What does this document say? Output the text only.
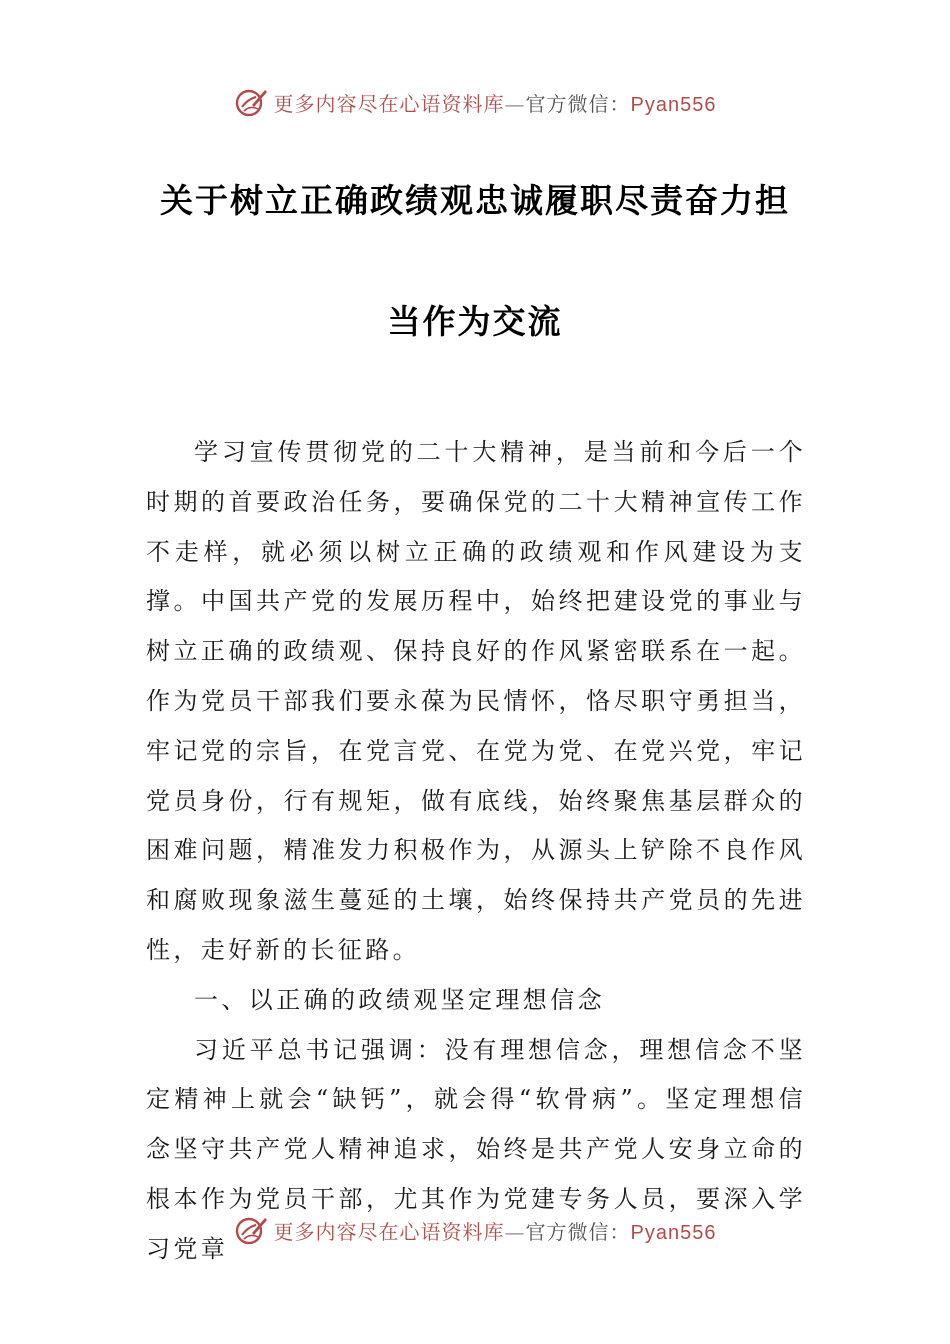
更多内容尽在心语资料库—官方微信：Pyan556
关于树立正确政绩观忠诚履职尽责奋力担
当作为交流

学习宣传贯彻党的二十大精神，是当前和今后一个时期的首要政治任务，要确保党的二十大精神宣传工作不走样，就必须以树立正确的政绩观和作风建设为支撑。中国共产党的发展历程中，始终把建设党的事业与树立正确的政绩观、保持良好的作风紧密联系在一起。作为党员干部我们要永葆为民情怀，恪尽职守勇担当，牢记党的宗旨，在党言党、在党为党、在党兴党，牢记党员身份，行有规矩，做有底线，始终聚焦基层群众的困难问题，精准发力积极作为，从源头上铲除不良作风和腐败现象滋生蔓延的土壤，始终保持共产党员的先进性，走好新的长征路。

一、以正确的政绩观坚定理想信念

习近平总书记强调：没有理想信念，理想信念不坚定精神上就会“缺钙”，就会得“软骨病”。坚定理想信念坚守共产党人精神追求，始终是共产党人安身立命的根本作为党员干部，尤其作为党建专务人员，要深入学习党章

更多内容尽在心语资料库—官方微信：Pyan556
